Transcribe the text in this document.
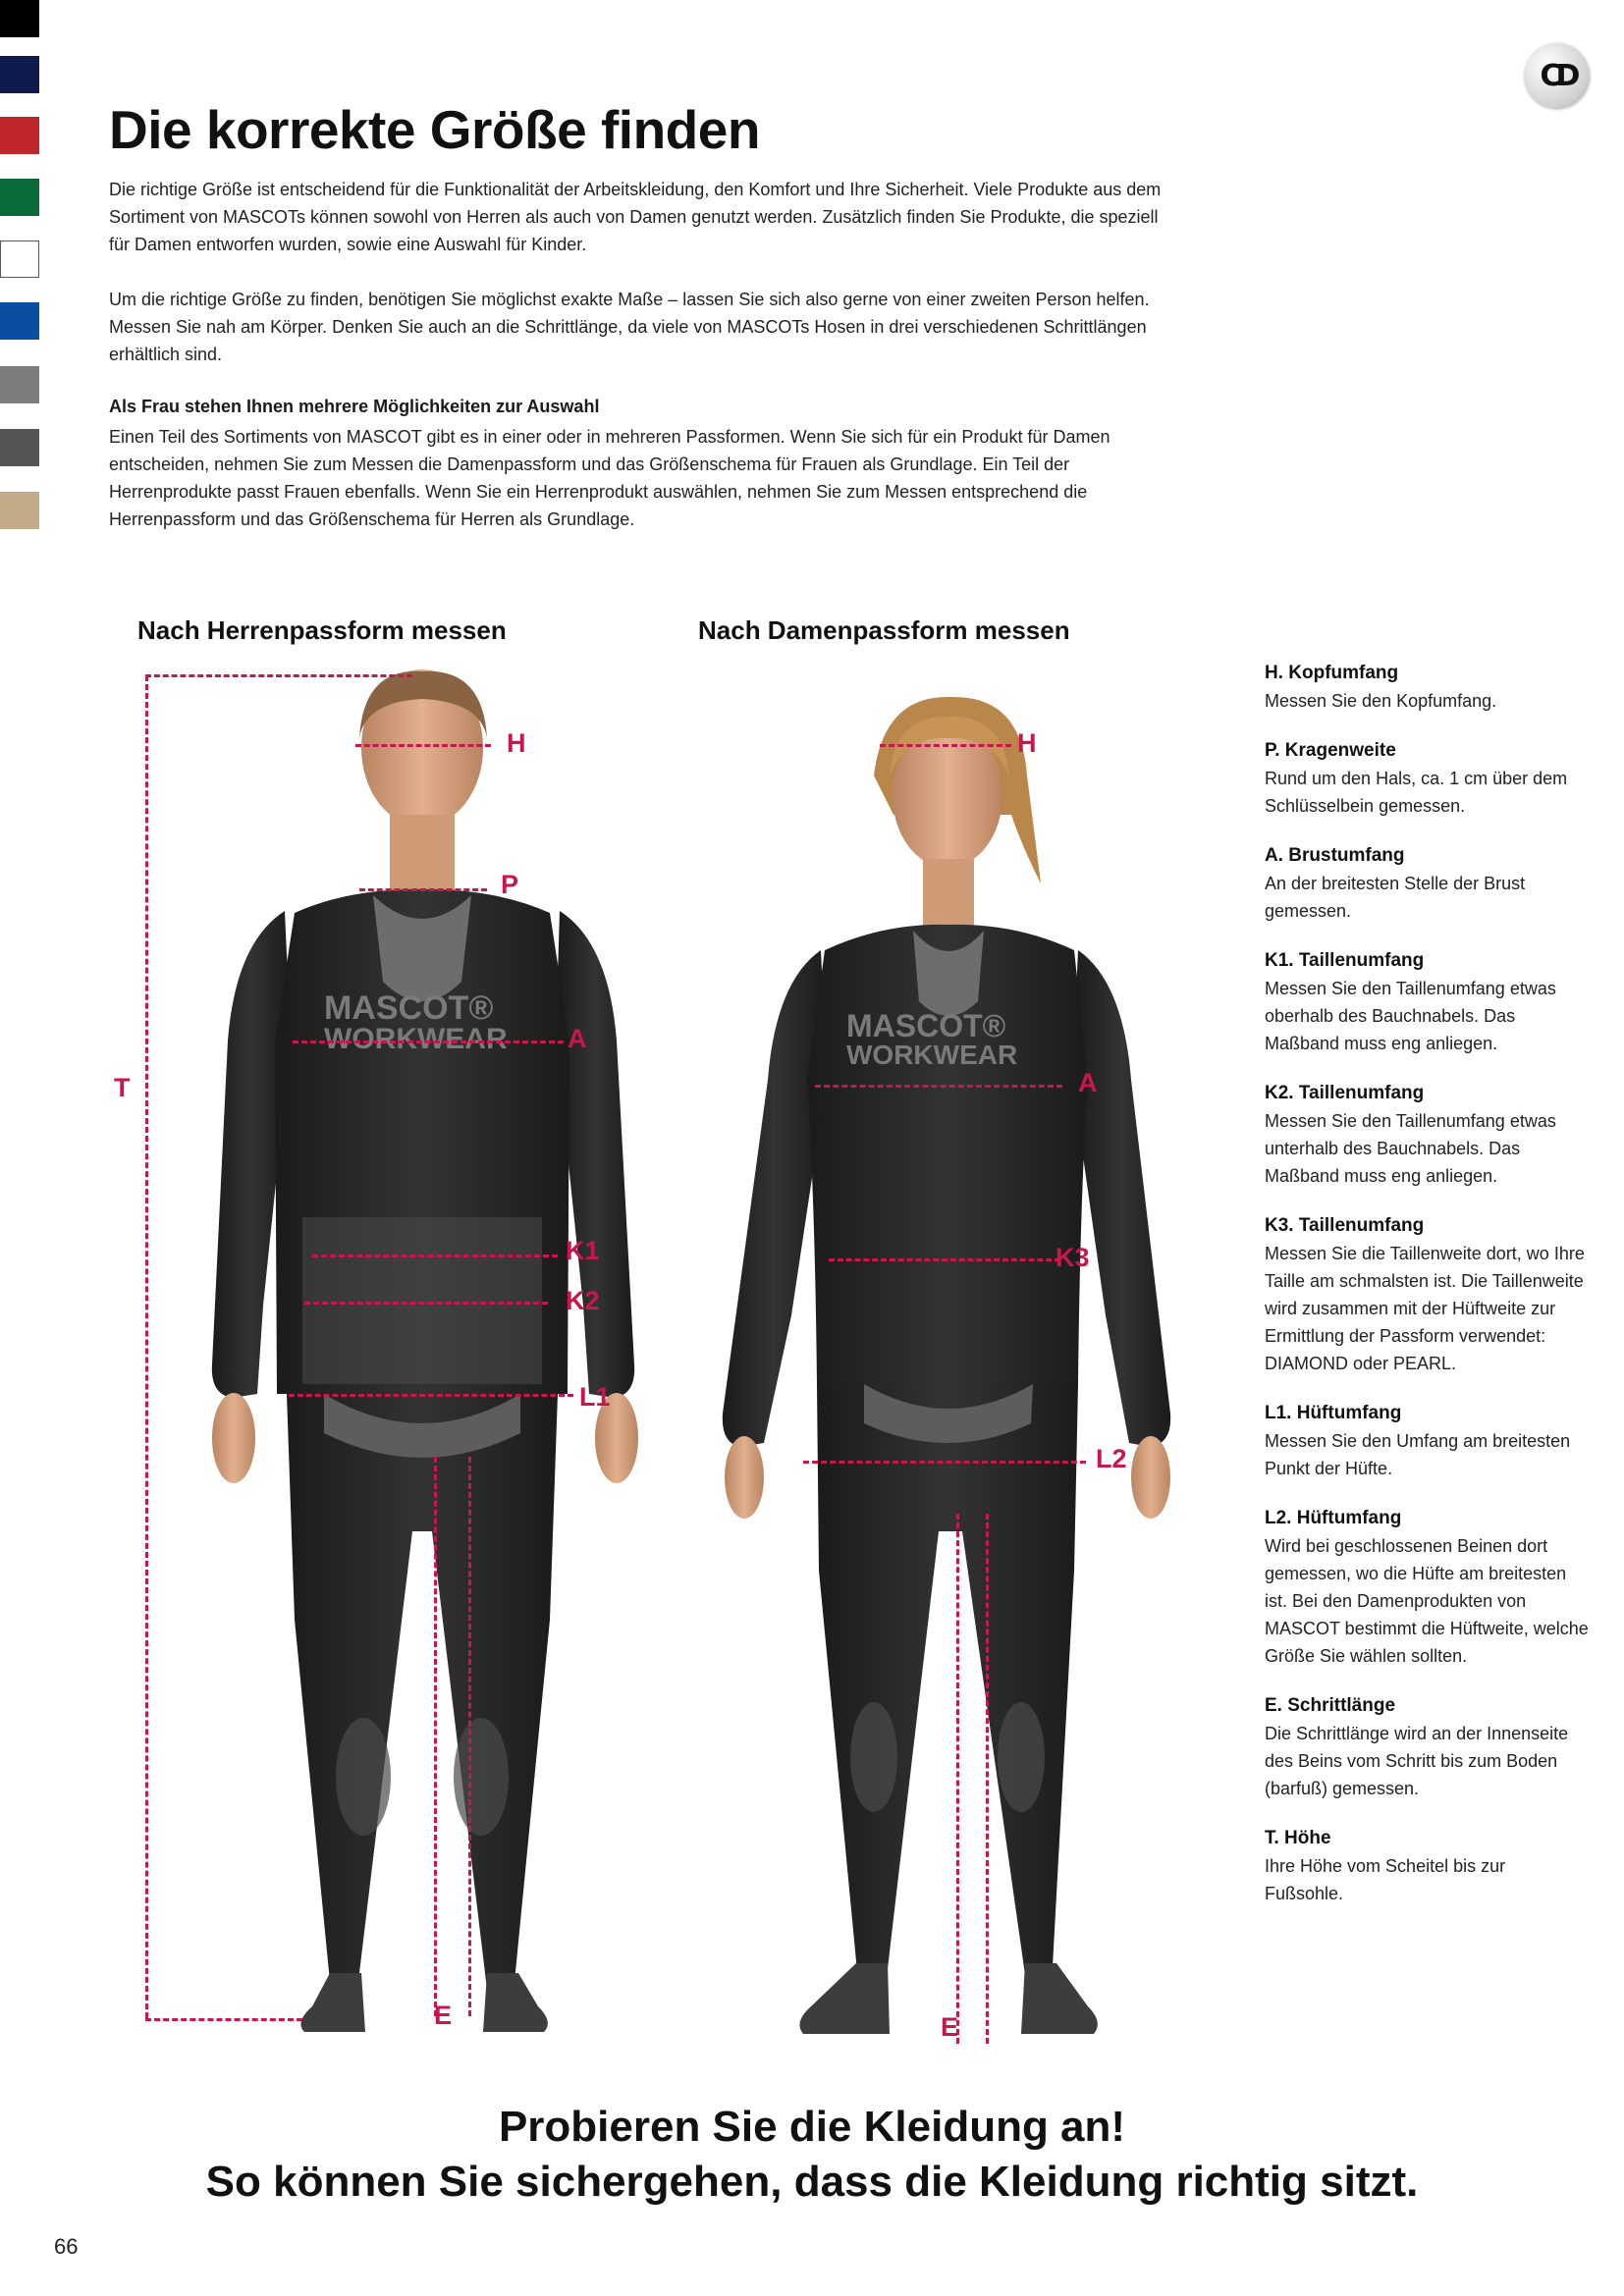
CD
Die korrekte Größe finden

Die richtige Größe ist entscheidend für die Funktionalität der Arbeitskleidung, den Komfort und Ihre Sicherheit. Viele Produkte aus dem Sortiment von MASCOTs können sowohl von Herren als auch von Damen genutzt werden. Zusätzlich finden Sie Produkte, die speziell für Damen entworfen wurden, sowie eine Auswahl für Kinder.

Um die richtige Größe zu finden, benötigen Sie möglichst exakte Maße – lassen Sie sich also gerne von einer zweiten Person helfen. Messen Sie nah am Körper. Denken Sie auch an die Schrittlänge, da viele von MASCOTs Hosen in drei verschiedenen Schrittlängen erhältlich sind.

Als Frau stehen Ihnen mehrere Möglichkeiten zur Auswahl

Einen Teil des Sortiments von MASCOT gibt es in einer oder in mehreren Passformen. Wenn Sie sich für ein Produkt für Damen entscheiden, nehmen Sie zum Messen die Damenpassform und das Größenschema für Frauen als Grundlage. Ein Teil der Herrenprodukte passt Frauen ebenfalls. Wenn Sie ein Herrenprodukt auswählen, nehmen Sie zum Messen entsprechend die Herrenpassform und das Größenschema für Herren als Grundlage.

Nach Herrenpassform messen	Nach Damenpassform messen
MASCOT®
WORKWEAR	MASCOT®
WORKWEAR
H
P
A
T
K1
K2
L1
E
H
A
K3
L2
E
H. Kopfumfang
Messen Sie den Kopfumfang.
P. Kragenweite
Rund um den Hals, ca. 1 cm über dem Schlüsselbein gemessen.
A. Brustumfang
An der breitesten Stelle der Brust gemessen.
K1. Taillenumfang
Messen Sie den Taillenumfang etwas oberhalb des Bauchnabels. Das Maßband muss eng anliegen.
K2. Taillenumfang
Messen Sie den Taillenumfang etwas unterhalb des Bauchnabels. Das Maßband muss eng anliegen.
K3. Taillenumfang
Messen Sie die Taillenweite dort, wo Ihre Taille am schmalsten ist. Die Taillenweite wird zusammen mit der Hüftweite zur Ermittlung der Passform verwendet: DIAMOND oder PEARL.
L1. Hüftumfang
Messen Sie den Umfang am breitesten Punkt der Hüfte.
L2. Hüftumfang
Wird bei geschlossenen Beinen dort gemessen, wo die Hüfte am breitesten ist. Bei den Damenprodukten von MASCOT bestimmt die Hüftweite, welche Größe Sie wählen sollten.
E. Schrittlänge
Die Schrittlänge wird an der Innenseite des Beins vom Schritt bis zum Boden (barfuß) gemessen.
T. Höhe
Ihre Höhe vom Scheitel bis zur Fußsohle.

Probieren Sie die Kleidung an!

So können Sie sichergehen, dass die Kleidung richtig sitzt.

66
